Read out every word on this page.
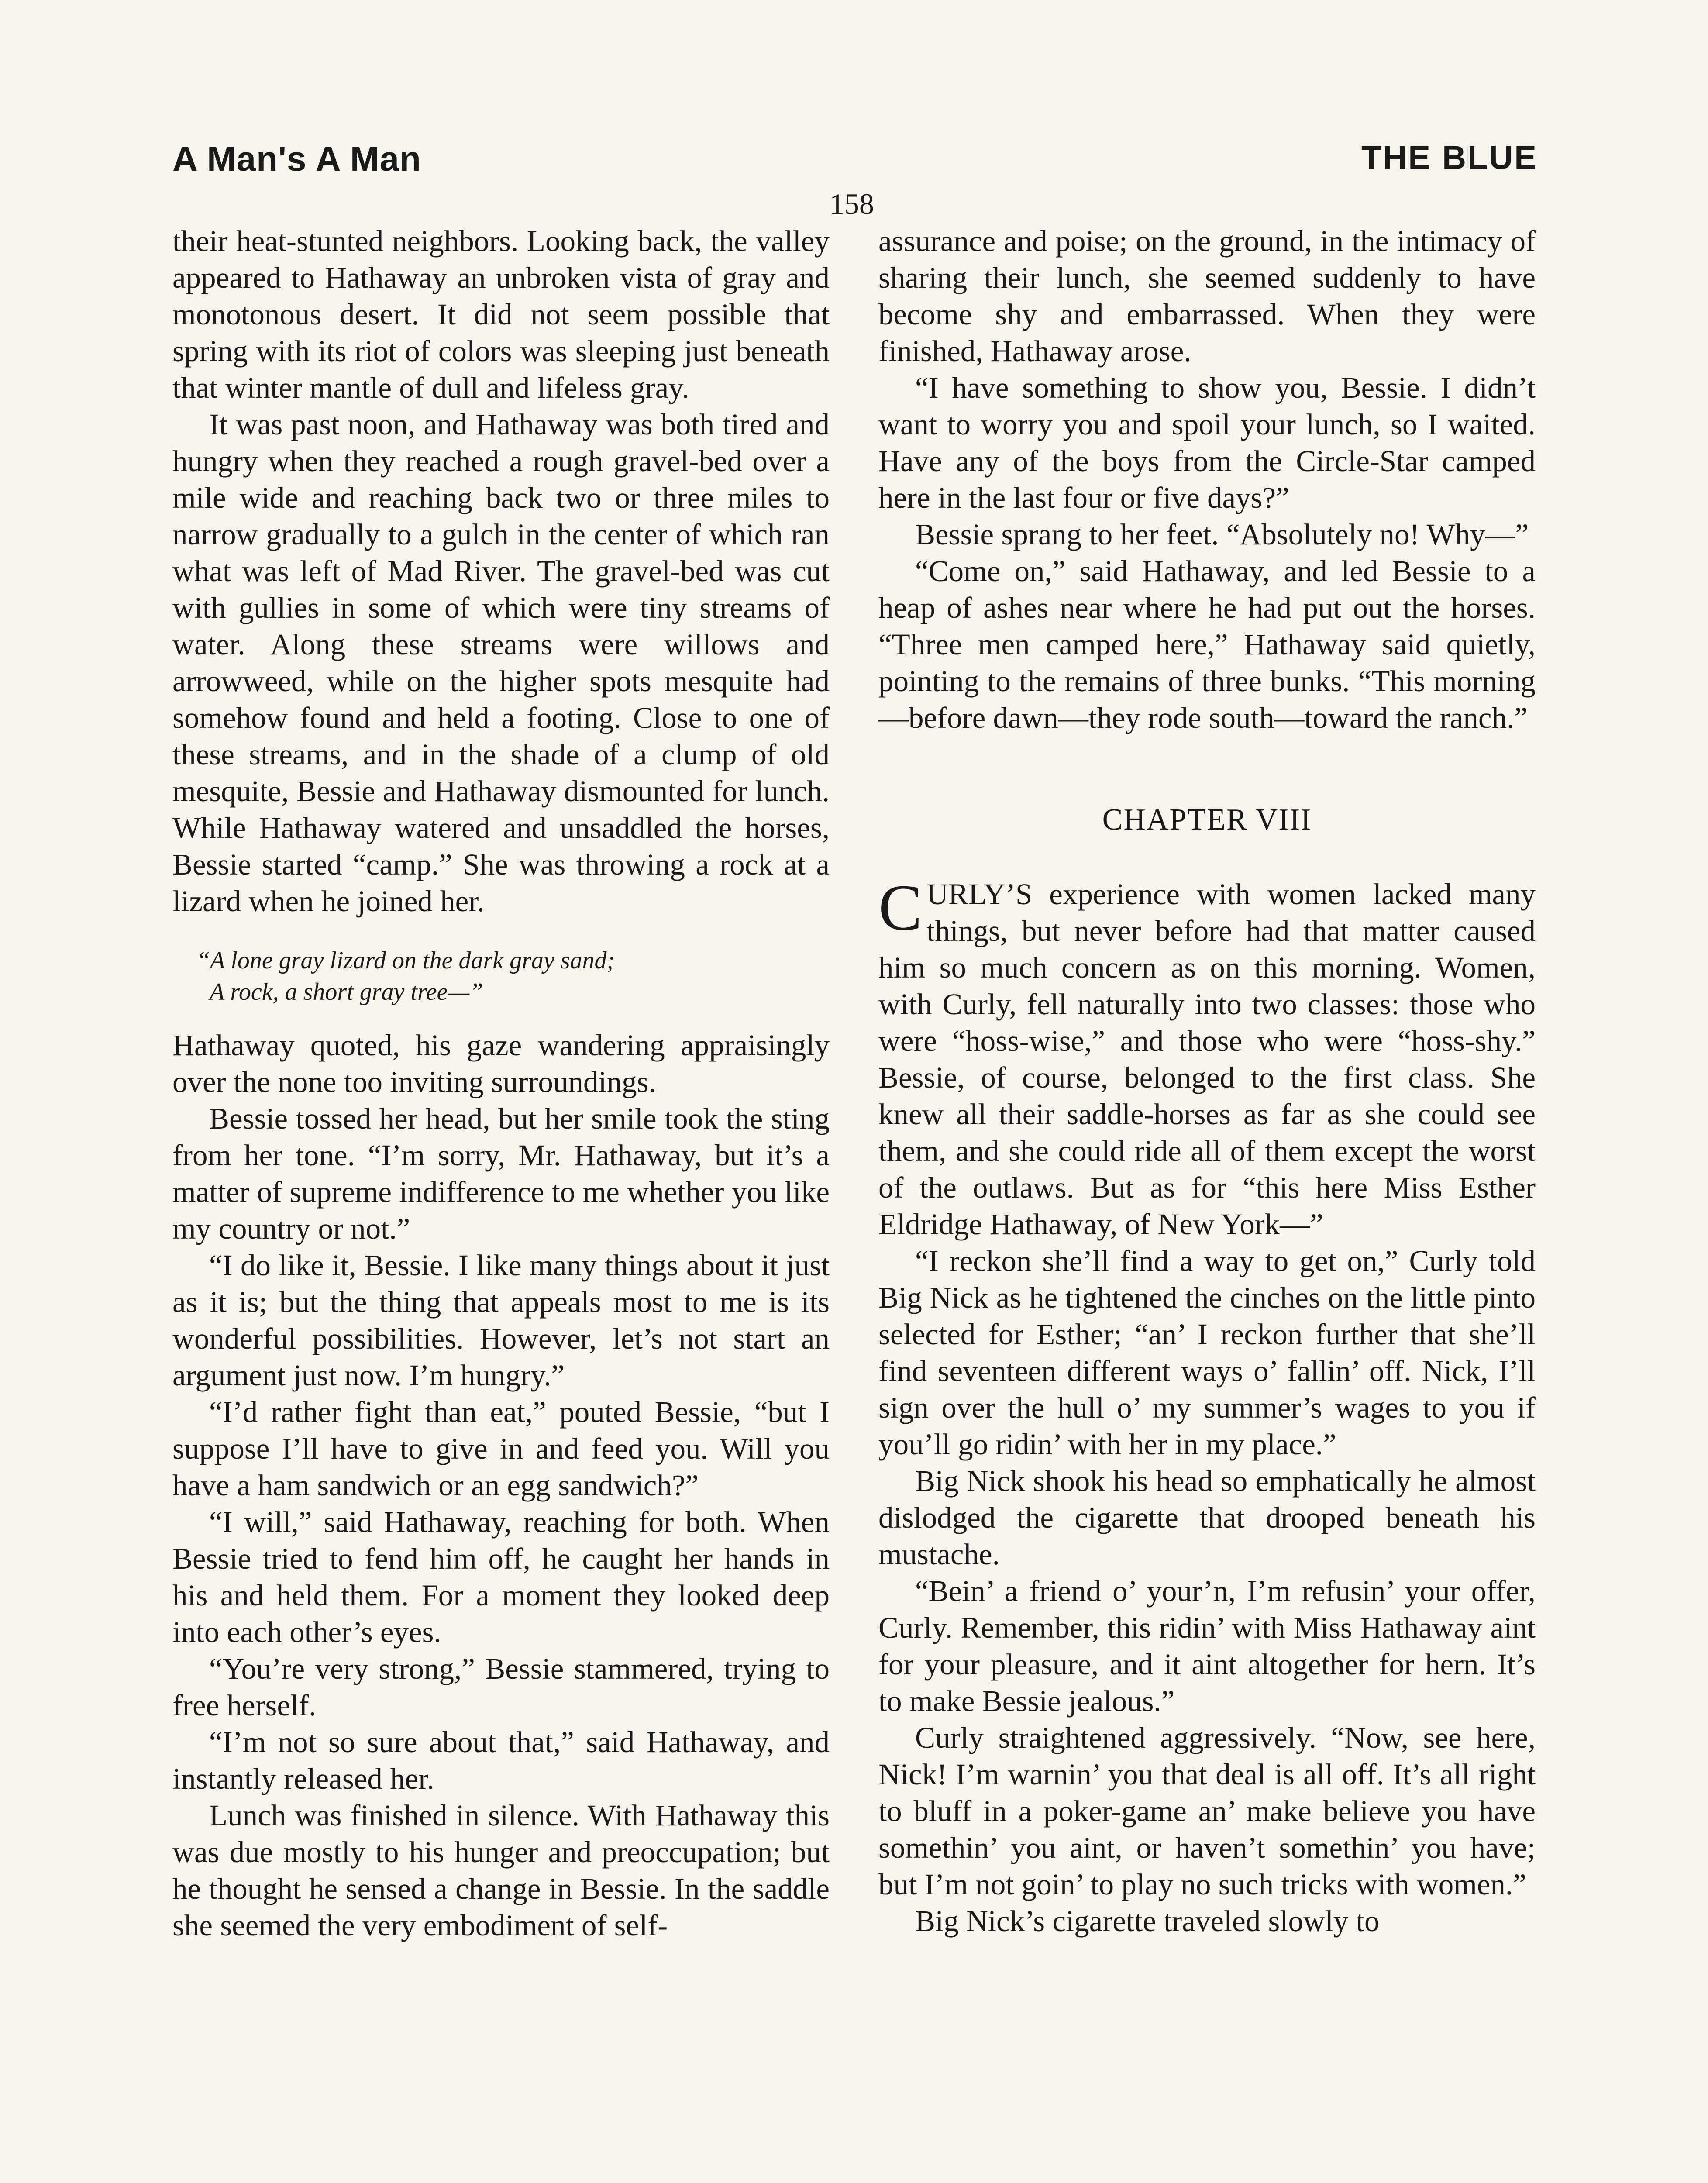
A Man's A Man	THE BLUE
158

their heat-stunted neighbors. Looking back, the valley appeared to Hathaway an unbroken vista of gray and monotonous desert. It did not seem possible that spring with its riot of colors was sleeping just beneath that winter mantle of dull and lifeless gray.

It was past noon, and Hathaway was both tired and hungry when they reached a rough gravel-bed over a mile wide and reaching back two or three miles to narrow gradually to a gulch in the center of which ran what was left of Mad River. The gravel-bed was cut with gullies in some of which were tiny streams of water. Along these streams were willows and arrowweed, while on the higher spots mesquite had somehow found and held a footing. Close to one of these streams, and in the shade of a clump of old mesquite, Bessie and Hathaway dismounted for lunch. While Hathaway watered and unsaddled the horses, Bessie started “camp.” She was throwing a rock at a lizard when he joined her.

“A lone gray lizard on the dark gray sand;
A rock, a short gray tree—”

Hathaway quoted, his gaze wandering appraisingly over the none too inviting surroundings.

Bessie tossed her head, but her smile took the sting from her tone. “I’m sorry, Mr. Hathaway, but it’s a matter of supreme indifference to me whether you like my country or not.”

“I do like it, Bessie. I like many things about it just as it is; but the thing that appeals most to me is its wonderful possibilities. However, let’s not start an argument just now. I’m hungry.”

“I’d rather fight than eat,” pouted Bessie, “but I suppose I’ll have to give in and feed you. Will you have a ham sandwich or an egg sandwich?”

“I will,” said Hathaway, reaching for both. When Bessie tried to fend him off, he caught her hands in his and held them. For a moment they looked deep into each other’s eyes.

“You’re very strong,” Bessie stammered, trying to free herself.

“I’m not so sure about that,” said Hathaway, and instantly released her.

Lunch was finished in silence. With Hathaway this was due mostly to his hunger and preoccupation; but he thought he sensed a change in Bessie. In the saddle she seemed the very embodiment of self-

assurance and poise; on the ground, in the intimacy of sharing their lunch, she seemed suddenly to have become shy and embarrassed. When they were finished, Hathaway arose.

“I have something to show you, Bessie. I didn’t want to worry you and spoil your lunch, so I waited. Have any of the boys from the Circle-Star camped here in the last four or five days?”

Bessie sprang to her feet. “Absolutely no! Why—”

“Come on,” said Hathaway, and led Bessie to a heap of ashes near where he had put out the horses. “Three men camped here,” Hathaway said quietly, pointing to the remains of three bunks. “This morning—before dawn—they rode south—toward the ranch.”

CHAPTER VIII

CURLY’S experience with women lacked many things, but never before had that matter caused him so much concern as on this morning. Women, with Curly, fell naturally into two classes: those who were “hoss-wise,” and those who were “hoss-shy.” Bessie, of course, belonged to the first class. She knew all their saddle-horses as far as she could see them, and she could ride all of them except the worst of the outlaws. But as for “this here Miss Esther Eldridge Hathaway, of New York—”

“I reckon she’ll find a way to get on,” Curly told Big Nick as he tightened the cinches on the little pinto selected for Esther; “an’ I reckon further that she’ll find seventeen different ways o’ fallin’ off. Nick, I’ll sign over the hull o’ my summer’s wages to you if you’ll go ridin’ with her in my place.”

Big Nick shook his head so emphatically he almost dislodged the cigarette that drooped beneath his mustache.

“Bein’ a friend o’ your’n, I’m refusin’ your offer, Curly. Remember, this ridin’ with Miss Hathaway aint for your pleasure, and it aint altogether for hern. It’s to make Bessie jealous.”

Curly straightened aggressively. “Now, see here, Nick! I’m warnin’ you that deal is all off. It’s all right to bluff in a poker-game an’ make believe you have somethin’ you aint, or haven’t somethin’ you have; but I’m not goin’ to play no such tricks with women.”

Big Nick’s cigarette traveled slowly to
